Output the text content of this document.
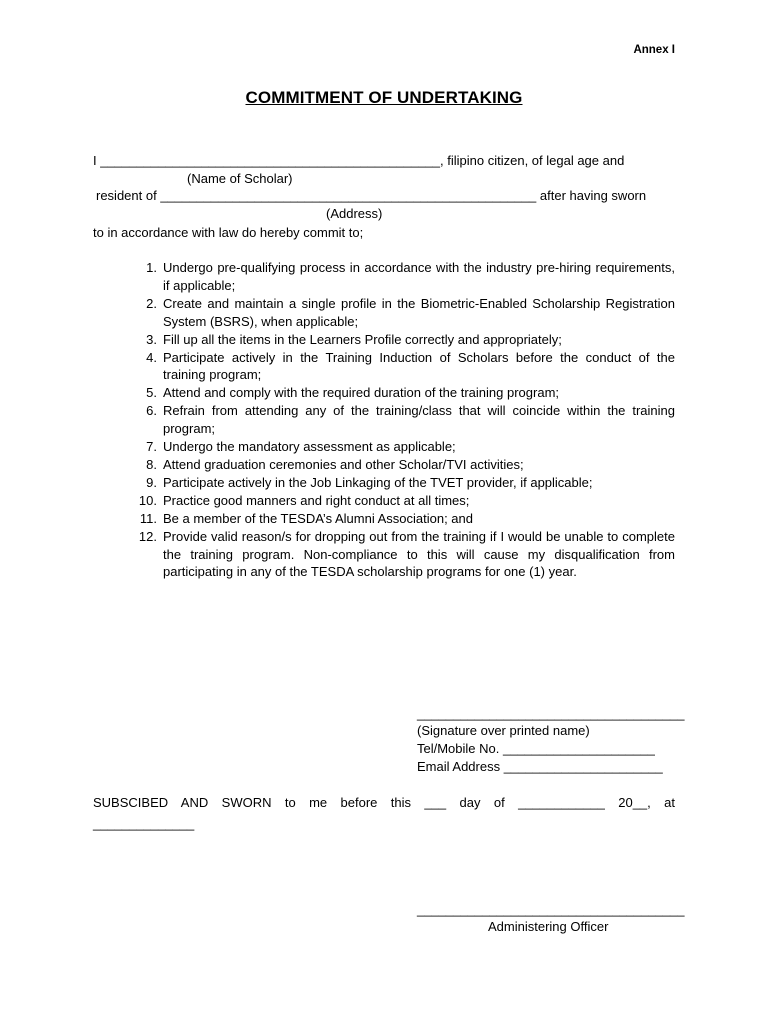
Annex I
COMMITMENT OF UNDERTAKING
I _______________________________________________, filipino citizen, of legal age and
(Name of Scholar)
resident of ____________________________________________________ after having sworn
(Address)
to in accordance with law do hereby commit to;
1. Undergo pre-qualifying process in accordance with the industry pre-hiring requirements, if applicable;
2. Create and maintain a single profile in the Biometric-Enabled Scholarship Registration System (BSRS), when applicable;
3. Fill up all the items in the Learners Profile correctly and appropriately;
4. Participate actively in the Training Induction of Scholars before the conduct of the training program;
5. Attend and comply with the required duration of the training program;
6. Refrain from attending any of the training/class that will coincide within the training program;
7. Undergo the mandatory assessment as applicable;
8. Attend graduation ceremonies and other Scholar/TVI activities;
9. Participate actively in the Job Linkaging of the TVET provider, if applicable;
10. Practice good manners and right conduct at all times;
11. Be a member of the TESDA’s Alumni Association; and
12. Provide valid reason/s for dropping out from the training if I would be unable to complete the training program. Non-compliance to this will cause my disqualification from participating in any of the TESDA scholarship programs for one (1) year.
_____________________________________
(Signature over printed name)
Tel/Mobile No. _____________________
Email Address ______________________
SUBSCIBED AND SWORN to me before this ___ day of ____________ 20__, at
______________
_____________________________________
Administering Officer
